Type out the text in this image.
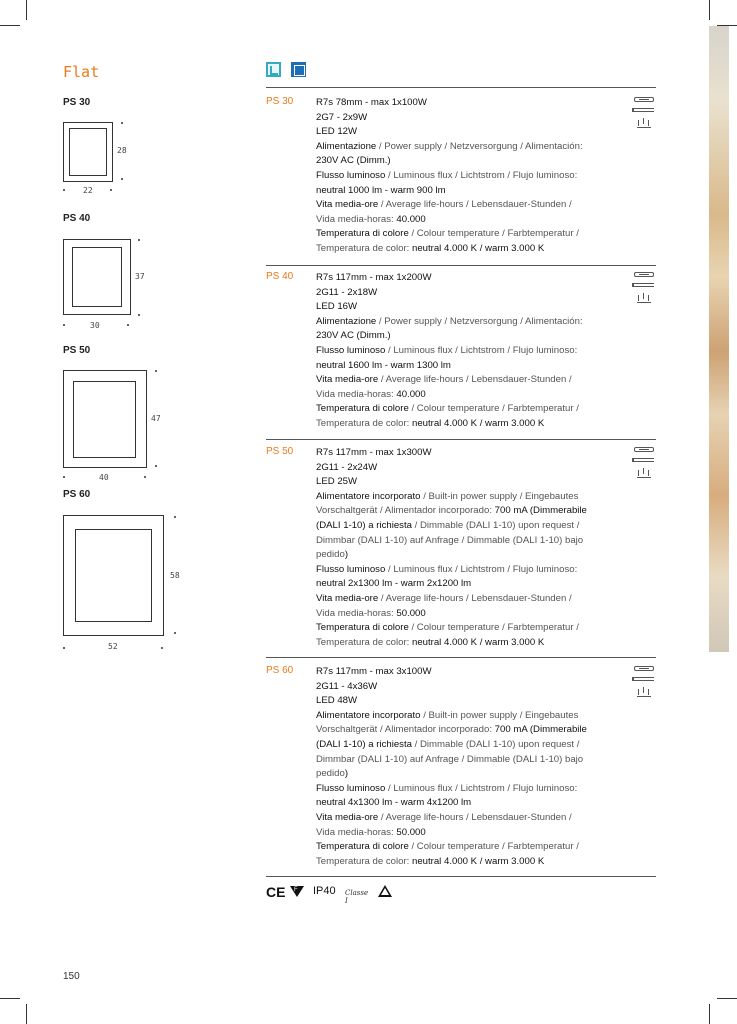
Flat
PS 30
28
22
PS 40
37
30
PS 50
47
40
PS 60
58
52
PS 30 R7s 78mm - max 1x100W
2G7 - 2x9W
LED 12W
Alimentazione / Power supply / Netzversorgung / Alimentación:
230V AC (Dimm.)
Flusso luminoso / Luminous flux / Lichtstrom / Flujo luminoso:
neutral 1000 lm - warm 900 lm
Vita media-ore / Average life-hours / Lebensdauer-Stunden /
Vida media-horas: 40.000
Temperatura di colore / Colour temperature / Farbtemperatur /
Temperatura de color: neutral 4.000 K / warm 3.000 K
PS 40 R7s 117mm - max 1x200W
2G11 - 2x18W
LED 16W
Alimentazione / Power supply / Netzversorgung / Alimentación:
230V AC (Dimm.)
Flusso luminoso / Luminous flux / Lichtstrom / Flujo luminoso:
neutral 1600 lm - warm 1300 lm
Vita media-ore / Average life-hours / Lebensdauer-Stunden /
Vida media-horas: 40.000
Temperatura di colore / Colour temperature / Farbtemperatur /
Temperatura de color: neutral 4.000 K / warm 3.000 K
PS 50 R7s 117mm - max 1x300W
2G11 - 2x24W
LED 25W
Alimentatore incorporato / Built-in power supply / Eingebautes
Vorschaltgerät / Alimentador incorporado: 700 mA (Dimmerabile
(DALI 1-10) a richiesta / Dimmable (DALI 1-10) upon request /
Dimmbar (DALI 1-10) auf Anfrage / Dimmable (DALI 1-10) bajo
pedido)
Flusso luminoso / Luminous flux / Lichtstrom / Flujo luminoso:
neutral 2x1300 lm - warm 2x1200 lm
Vita media-ore / Average life-hours / Lebensdauer-Stunden /
Vida media-horas: 50.000
Temperatura di colore / Colour temperature / Farbtemperatur /
Temperatura de color: neutral 4.000 K / warm 3.000 K
PS 60 R7s 117mm - max 3x100W
2G11 - 4x36W
LED 48W
Alimentatore incorporato / Built-in power supply / Eingebautes
Vorschaltgerät / Alimentador incorporado: 700 mA (Dimmerabile
(DALI 1-10) a richiesta / Dimmable (DALI 1-10) upon request /
Dimmbar (DALI 1-10) auf Anfrage / Dimmable (DALI 1-10) bajo
pedido)
Flusso luminoso / Luminous flux / Lichtstrom / Flujo luminoso:
neutral 4x1300 lm - warm 4x1200 lm
Vita media-ore / Average life-hours / Lebensdauer-Stunden /
Vida media-horas: 50.000
Temperatura di colore / Colour temperature / Farbtemperatur /
Temperatura de color: neutral 4.000 K / warm 3.000 K
CE F IP40 Classe I
150
